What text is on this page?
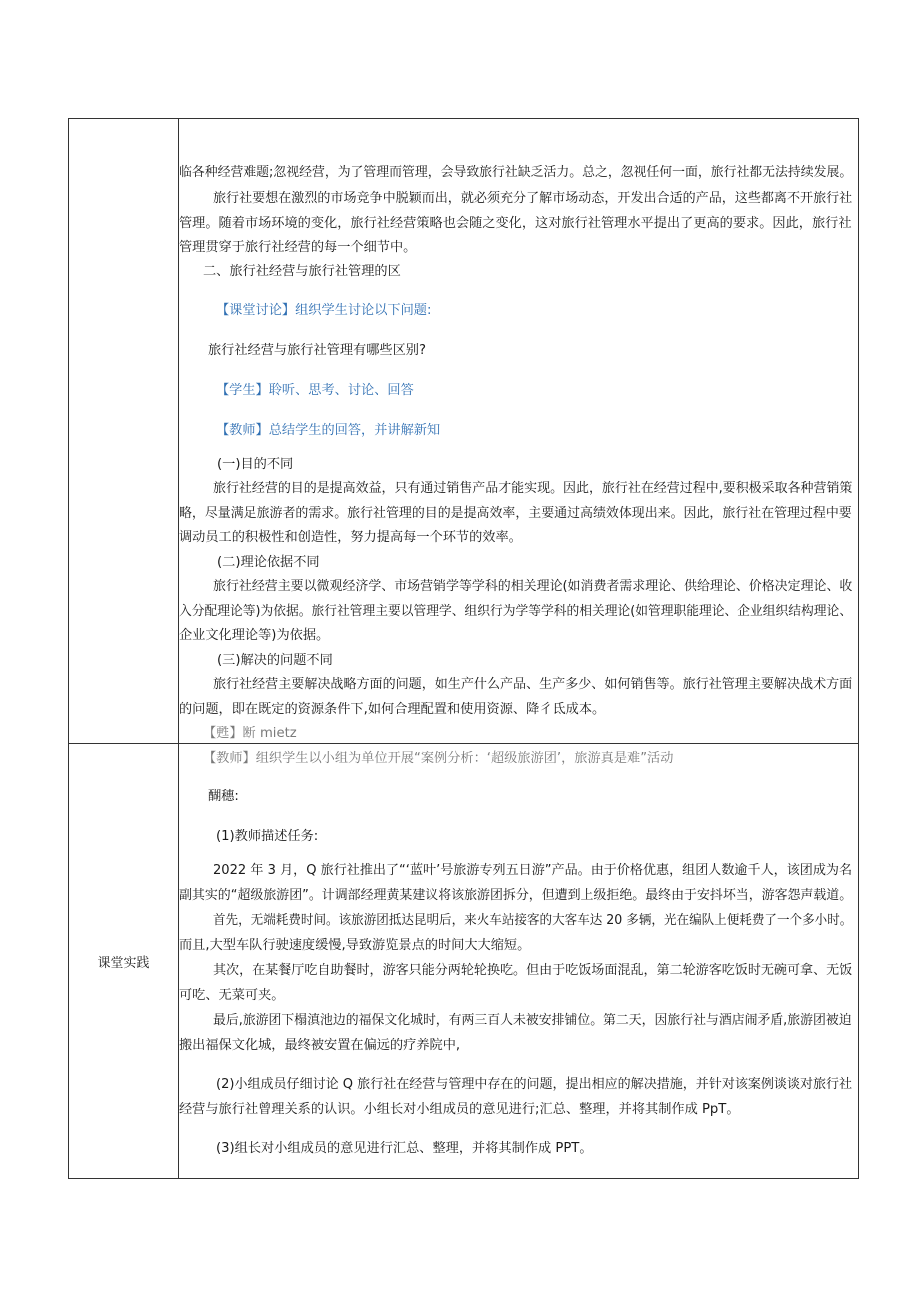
临各种经营难题;忽视经营，为了管理而管理，会导致旅行社缺乏活力。总之，忽视任何一面，旅行社都无法持续发展。
旅行社要想在激烈的市场竞争中脱颖而出，就必须充分了解市场动态，开发出合适的产品，这些都离不开旅行社
管理。随着市场环境的变化，旅行社经营策略也会随之变化，这对旅行社管理水平提出了更高的要求。因此，旅行社
管理贯穿于旅行社经营的每一个细节中。
二、旅行社经营与旅行社管理的区
【课堂讨论】组织学生讨论以下问题:
旅行社经营与旅行社管理有哪些区别?
【学生】聆听、思考、讨论、回答
【教师】总结学生的回答，并讲解新知
(一)目的不同
旅行社经营的目的是提高效益，只有通过销售产品才能实现。因此，旅行社在经营过程中,要积极采取各种营销策
略，尽量满足旅游者的需求。旅行社管理的目的是提高效率，主要通过高绩效体现出来。因此，旅行社在管理过程中要
调动员工的积极性和创造性，努力提高每一个环节的效率。
(二)理论依据不同
旅行社经营主要以微观经济学、市场营销学等学科的相关理论(如消费者需求理论、供给理论、价格决定理论、收
入分配理论等)为依据。旅行社管理主要以管理学、组织行为学等学科的相关理论(如管理职能理论、企业组织结构理论、
企业文化理论等)为依据。
(三)解决的问题不同
旅行社经营主要解决战略方面的问题，如生产什么产品、生产多少、如何销售等。旅行社管理主要解决战术方面
的问题，即在既定的资源条件下,如何合理配置和使用资源、降彳氐成本。
【甦】断 mietz
课堂实践
【教师】组织学生以小组为单位开展“案例分析：‘超级旅游团’，旅游真是难”活动
醐穗:
(1)教师描述任务:
2022 年 3 月，Q 旅行社推出了“‘蓝叶’号旅游专列五日游”产品。由于价格优惠，组团人数逾千人，该团成为名
副其实的“超级旅游团”。计调部经理黄某建议将该旅游团拆分，但遭到上级拒绝。最终由于安抖坏当，游客怨声载道。
首先，无端耗费时间。该旅游团抵达昆明后，来火车站接客的大客车达 20 多辆，光在编队上便耗费了一个多小时。
而且,大型车队行驶速度缓慢,导致游览景点的时间大大缩短。
其次，在某餐厅吃自助餐时，游客只能分两轮轮换吃。但由于吃饭场面混乱，第二轮游客吃饭时无碗可拿、无饭
可吃、无菜可夹。
最后,旅游团下榻滇池边的福保文化城时，有两三百人未被安排铺位。第二天，因旅行社与酒店闹矛盾,旅游团被迫
搬出福保文化城，最终被安置在偏远的疗养院中,
(2)小组成员仔细讨论 Q 旅行社在经营与管理中存在的问题，提出相应的解决措施，并针对该案例谈谈对旅行社
经营与旅行社曾理关系的认识。小组长对小组成员的意见进行;汇总、整理，并将其制作成 PpT。
(3)组长对小组成员的意见进行汇总、整理，并将其制作成 PPT。
